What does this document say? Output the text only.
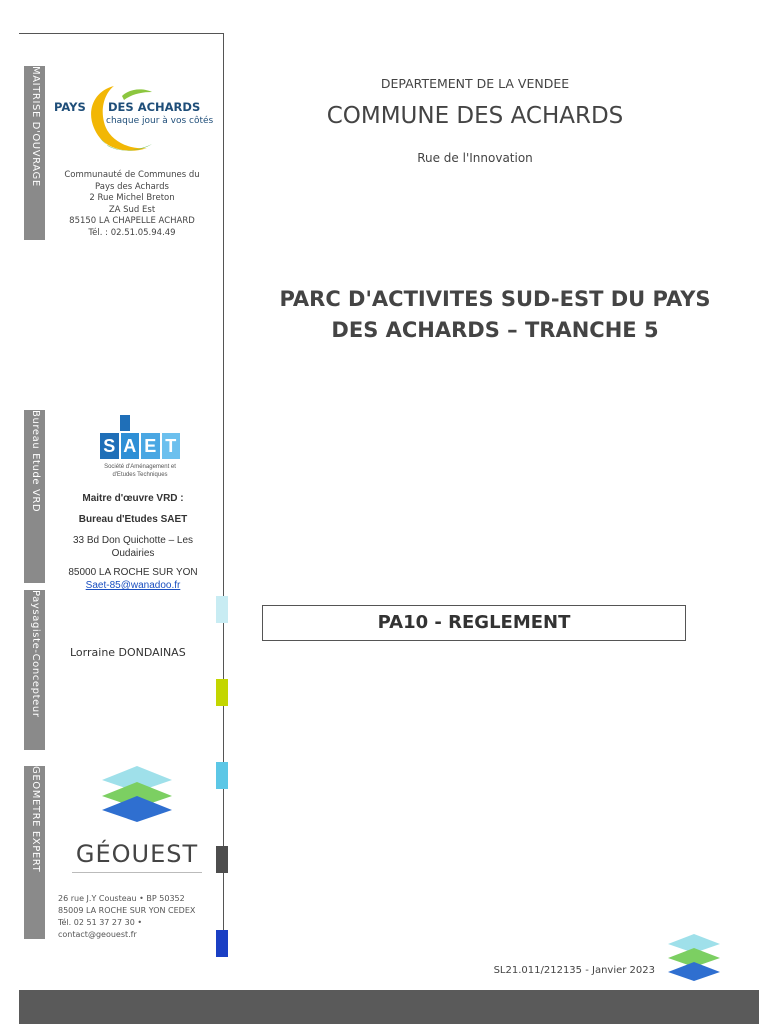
MAITRISE D'OUVRAGE
Bureau Etude VRD
Paysagiste-Concepteur
GEOMETRE EXPERT
PAYS DES ACHARDS
chaque jour à vos côtés
Communauté de Communes du
Pays des Achards
2 Rue Michel Breton
ZA Sud Est
85150 LA CHAPELLE ACHARD
Tél. : 02.51.05.94.49
S A E T
Société d'Aménagement et
d'Etudes Techniques
Maitre d'œuvre VRD :
Bureau d'Etudes SAET
33 Bd Don Quichotte – Les
Oudairies
85000 LA ROCHE SUR YON
Saet-85@wanadoo.fr
Lorraine DONDAINAS
GÉOUEST
26 rue J.Y Cousteau • BP 50352
85009 LA ROCHE SUR YON CEDEX
Tél. 02 51 37 27 30 • contact@geouest.fr
DEPARTEMENT DE LA VENDEE
COMMUNE DES ACHARDS
Rue de l'Innovation
PARC D'ACTIVITES SUD-EST DU PAYS
DES ACHARDS – TRANCHE 5
PA10 - REGLEMENT
SL21.011/212135 - Janvier 2023
